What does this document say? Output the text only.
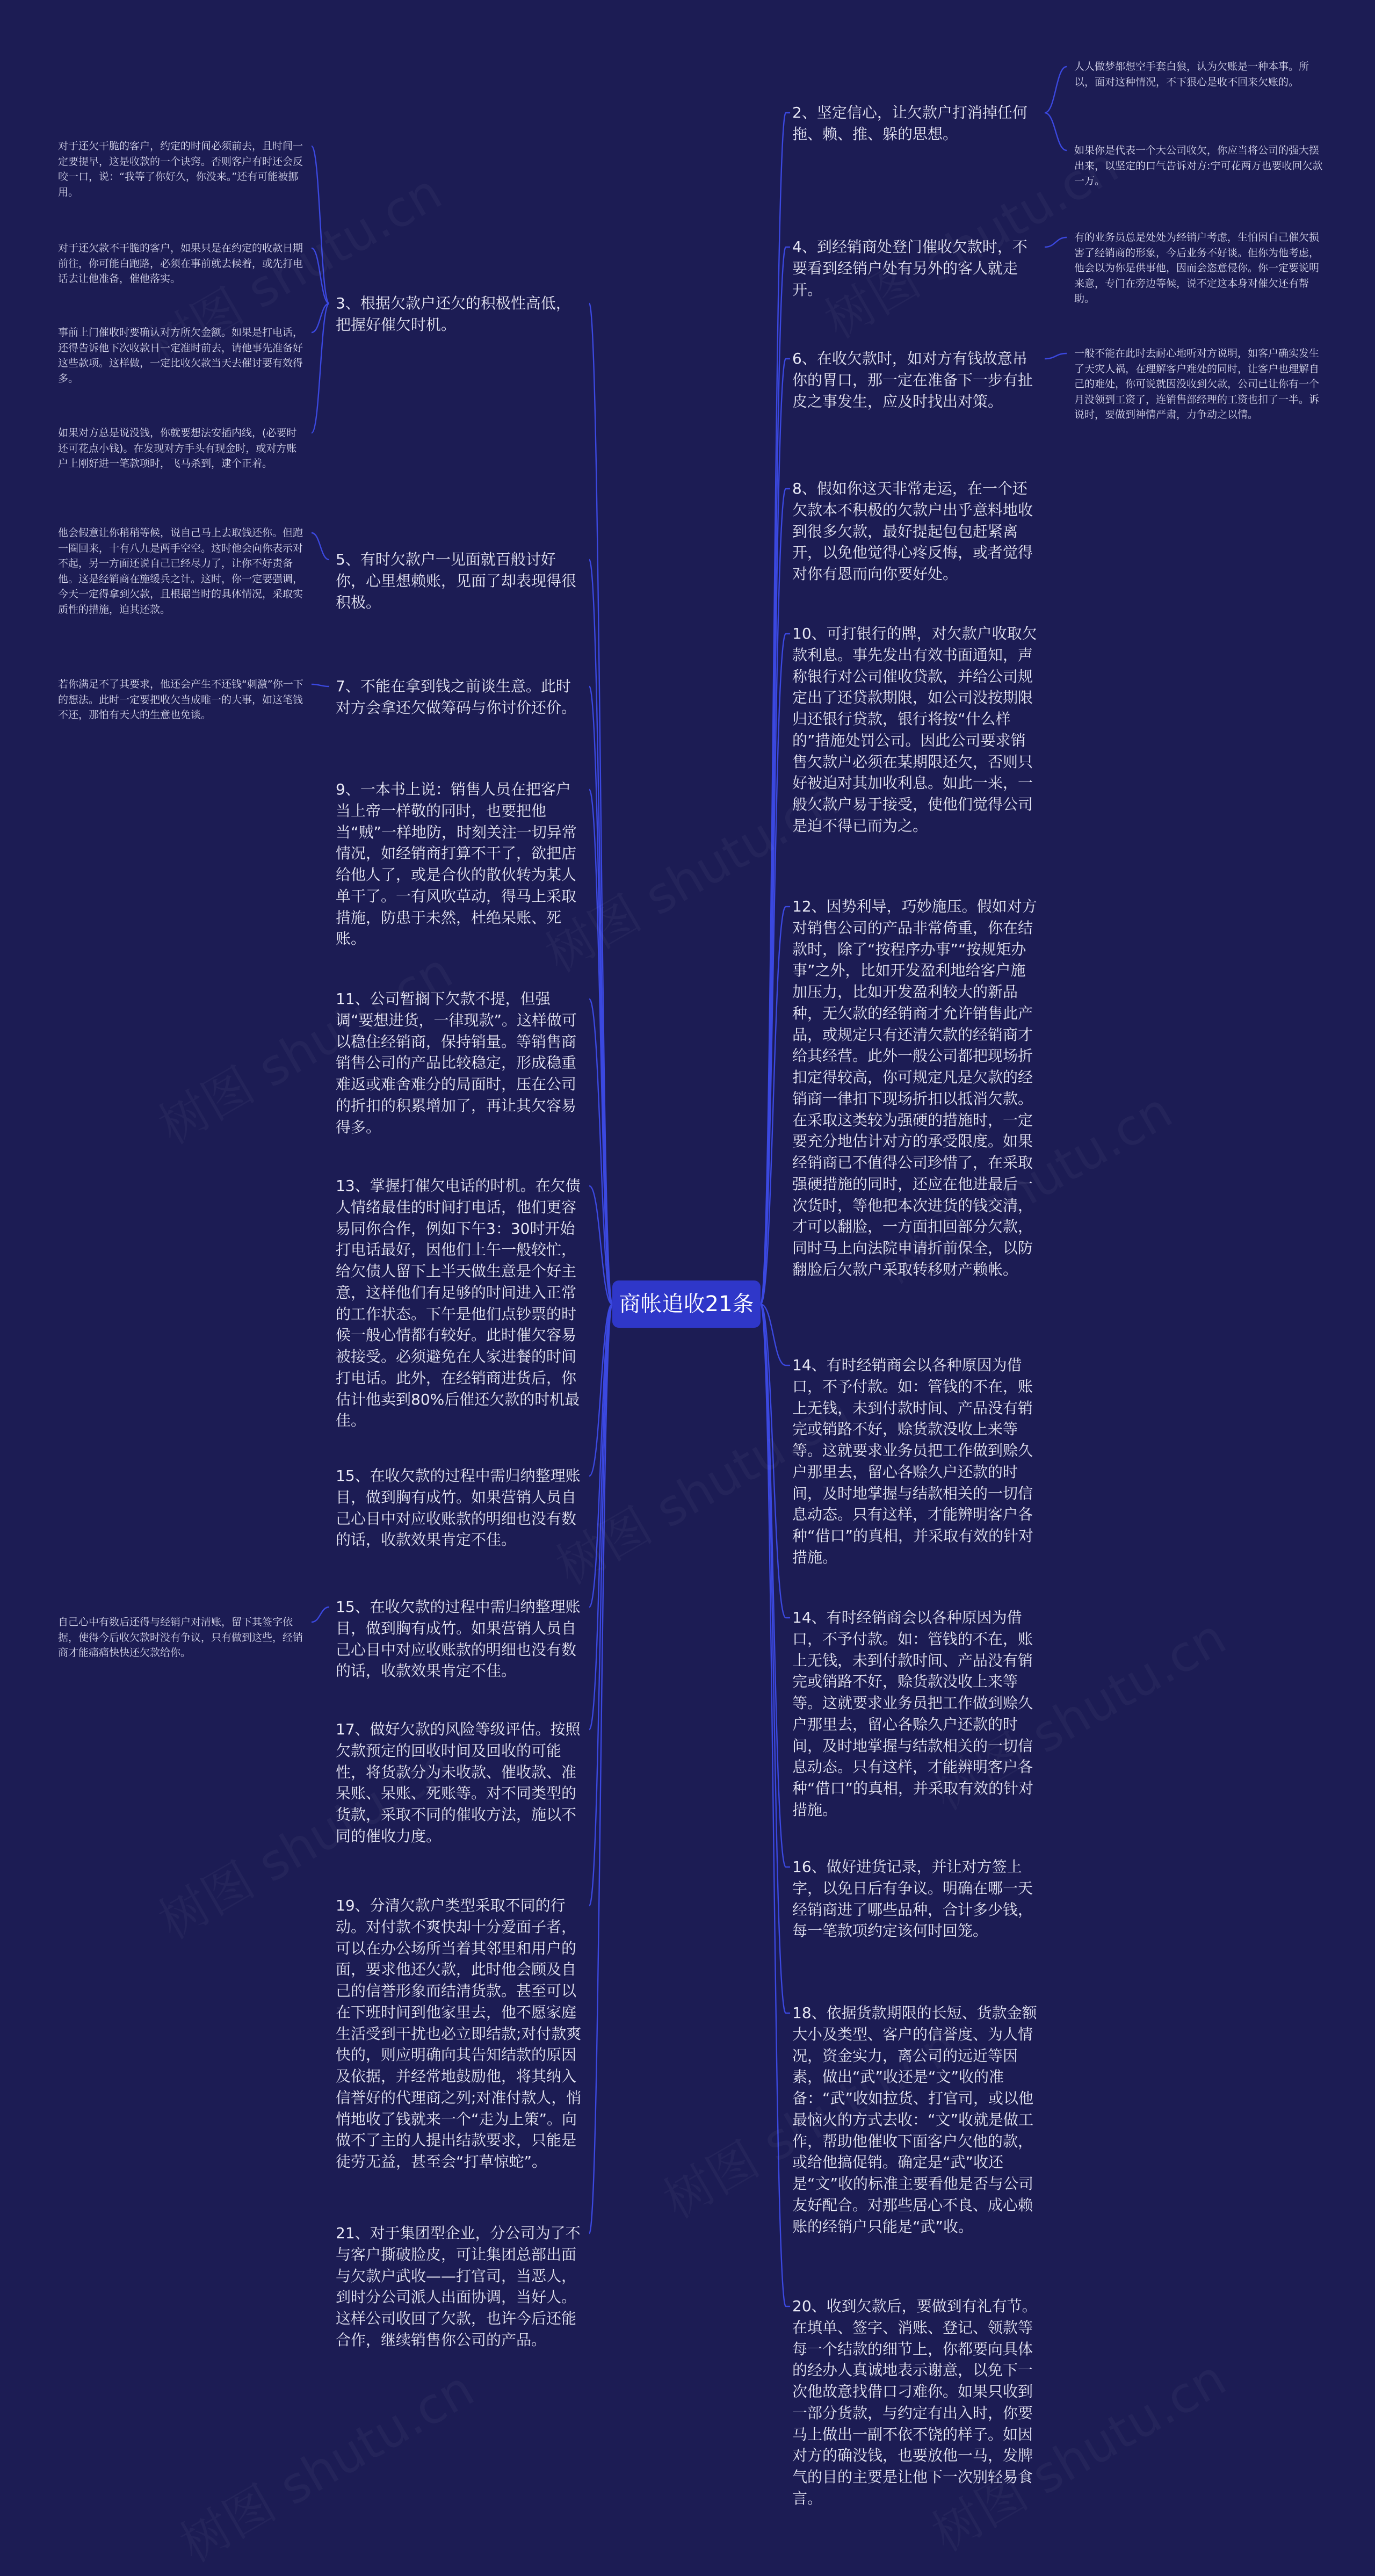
商帐追收21条
2、坚定信心，让欠款户打消掉任何拖、赖、推、躲的思想。
4、到经销商处登门催收欠款时，不要看到经销户处有另外的客人就走开。
6、在收欠款时，如对方有钱故意吊你的胃口，那一定在准备下一步有扯皮之事发生，应及时找出对策。
8、假如你这天非常走运，在一个还欠款本不积极的欠款户出乎意料地收到很多欠款，最好提起包包赶紧离开，以免他觉得心疼反悔，或者觉得对你有恩而向你要好处。
10、可打银行的牌，对欠款户收取欠款利息。事先发出有效书面通知，声称银行对公司催收贷款，并给公司规定出了还贷款期限，如公司没按期限归还银行贷款，银行将按“什么样的”措施处罚公司。因此公司要求销售欠款户必须在某期限还欠，否则只好被迫对其加收利息。如此一来，一般欠款户易于接受，使他们觉得公司是迫不得已而为之。
12、因势利导，巧妙施压。假如对方对销售公司的产品非常倚重，你在结款时，除了“按程序办事”“按规矩办事”之外，比如开发盈利地给客户施加压力，比如开发盈利较大的新品种，无欠款的经销商才允许销售此产品，或规定只有还清欠款的经销商才给其经营。此外一般公司都把现场折扣定得较高，你可规定凡是欠款的经销商一律扣下现场折扣以抵消欠款。在采取这类较为强硬的措施时，一定要充分地估计对方的承受限度。如果经销商已不值得公司珍惜了，在采取强硬措施的同时，还应在他进最后一次货时，等他把本次进货的钱交清，才可以翻脸，一方面扣回部分欠款，同时马上向法院申请折前保全，以防翻脸后欠款户采取转移财产赖帐。
14、有时经销商会以各种原因为借口，不予付款。如：管钱的不在，账上无钱，未到付款时间、产品没有销完或销路不好，赊货款没收上来等等。这就要求业务员把工作做到赊久户那里去，留心各赊久户还款的时间，及时地掌握与结款相关的一切信息动态。只有这样，才能辨明客户各种“借口”的真相，并采取有效的针对措施。
14、有时经销商会以各种原因为借口，不予付款。如：管钱的不在，账上无钱，未到付款时间、产品没有销完或销路不好，赊货款没收上来等等。这就要求业务员把工作做到赊久户那里去，留心各赊久户还款的时间，及时地掌握与结款相关的一切信息动态。只有这样，才能辨明客户各种“借口”的真相，并采取有效的针对措施。
16、做好进货记录，并让对方签上字，以免日后有争议。明确在哪一天经销商进了哪些品种，合计多少钱，每一笔款项约定该何时回笼。
18、依据货款期限的长短、货款金额大小及类型、客户的信誉度、为人情况，资金实力，离公司的远近等因素，做出“武”收还是“文”收的准备：“武”收如拉货、打官司，或以他最恼火的方式去收：“文”收就是做工作，帮助他催收下面客户欠他的款，或给他搞促销。确定是“武”收还是“文”收的标准主要看他是否与公司友好配合。对那些居心不良、成心赖账的经销户只能是“武”收。
20、收到欠款后，要做到有礼有节。在填单、签字、消账、登记、领款等每一个结款的细节上，你都要向具体的经办人真诚地表示谢意，以免下一次他故意找借口刁难你。如果只收到一部分货款，与约定有出入时，你要马上做出一副不依不饶的样子。如因对方的确没钱，也要放他一马，发脾气的目的主要是让他下一次别轻易食言。
3、根据欠款户还欠的积极性高低，把握好催欠时机。
5、有时欠款户一见面就百般讨好你，心里想赖账，见面了却表现得很积极。
7、不能在拿到钱之前谈生意。此时对方会拿还欠做筹码与你讨价还价。
9、一本书上说：销售人员在把客户当上帝一样敬的同时，也要把他当“贼”一样地防，时刻关注一切异常情况，如经销商打算不干了，欲把店给他人了，或是合伙的散伙转为某人单干了。一有风吹草动，得马上采取措施，防患于未然，杜绝呆账、死账。
11、公司暂搁下欠款不提，但强调“要想进货，一律现款”。这样做可以稳住经销商，保持销量。等销售商销售公司的产品比较稳定，形成稳重难返或难舍难分的局面时，压在公司的折扣的积累增加了，再让其欠容易得多。
13、掌握打催欠电话的时机。在欠债人情绪最佳的时间打电话，他们更容易同你合作，例如下午3：30时开始打电话最好，因他们上午一般较忙，给欠债人留下上半天做生意是个好主意，这样他们有足够的时间进入正常的工作状态。下午是他们点钞票的时候一般心情都有较好。此时催欠容易被接受。必须避免在人家进餐的时间打电话。此外，在经销商进货后，你估计他卖到80%后催还欠款的时机最佳。
15、在收欠款的过程中需归纳整理账目，做到胸有成竹。如果营销人员自己心目中对应收账款的明细也没有数的话，收款效果肯定不佳。
15、在收欠款的过程中需归纳整理账目，做到胸有成竹。如果营销人员自己心目中对应收账款的明细也没有数的话，收款效果肯定不佳。
17、做好欠款的风险等级评估。按照欠款预定的回收时间及回收的可能性，将货款分为未收款、催收款、准呆账、呆账、死账等。对不同类型的货款，采取不同的催收方法，施以不同的催收力度。
19、分清欠款户类型采取不同的行动。对付款不爽快却十分爱面子者，可以在办公场所当着其邻里和用户的面，要求他还欠款，此时他会顾及自己的信誉形象而结清货款。甚至可以在下班时间到他家里去，他不愿家庭生活受到干扰也必立即结款;对付款爽快的，则应明确向其告知结款的原因及依据，并经常地鼓励他，将其纳入信誉好的代理商之列;对准付款人，悄悄地收了钱就来一个“走为上策”。向做不了主的人提出结款要求，只能是徒劳无益，甚至会“打草惊蛇”。
21、对于集团型企业，分公司为了不与客户撕破脸皮，可让集团总部出面与欠款户武收——打官司，当恶人，到时分公司派人出面协调，当好人。这样公司收回了欠款，也许今后还能合作，继续销售你公司的产品。
人人做梦都想空手套白狼，认为欠账是一种本事。所以，面对这种情况，不下狠心是收不回来欠账的。
如果你是代表一个大公司收欠，你应当将公司的强大摆出来，以坚定的口气告诉对方:宁可花两万也要收回欠款一万。
有的业务员总是处处为经销户考虑，生怕因自己催欠损害了经销商的形象，今后业务不好谈。但你为他考虑，他会以为你是供事他，因而会恣意侵你。你一定要说明来意，专门在旁边等候，说不定这本身对催欠还有帮助。
一般不能在此时去耐心地听对方说明，如客户确实发生了天灾人祸，在理解客户难处的同时，让客户也理解自己的难处，你可说就因没收到欠款，公司已让你有一个月没领到工资了，连销售部经理的工资也扣了一半。诉说时，要做到神情严肃，力争动之以情。
对于还欠干脆的客户，约定的时间必须前去，且时间一定要提早，这是收款的一个诀窍。否则客户有时还会反咬一口，说：“我等了你好久，你没来。”还有可能被挪用。
对于还欠款不干脆的客户，如果只是在约定的收款日期前往，你可能白跑路，必须在事前就去候着，或先打电话去让他准备，催他落实。
事前上门催收时要确认对方所欠金额。如果是打电话，还得告诉他下次收款日一定准时前去，请他事先准备好这些款项。这样做，一定比收欠款当天去催讨要有效得多。
如果对方总是说没钱，你就要想法安插内线，(必要时还可花点小钱)。在发现对方手头有现金时，或对方账户上刚好进一笔款项时，飞马杀到，逮个正着。
他会假意让你稍稍等候，说自己马上去取钱还你。但跑一圈回来，十有八九是两手空空。这时他会向你表示对不起，另一方面还说自己已经尽力了，让你不好责备他。这是经销商在施缓兵之计。这时，你一定要强调，今天一定得拿到欠款，且根据当时的具体情况，采取实质性的措施，迫其还款。
若你满足不了其要求，他还会产生不还钱“刺激”你一下的想法。此时一定要把收欠当成唯一的大事，如这笔钱不还，那怕有天大的生意也免谈。
自己心中有数后还得与经销户对清账，留下其签字依据，使得今后收欠款时没有争议，只有做到这些，经销商才能痛痛快快还欠款给你。
